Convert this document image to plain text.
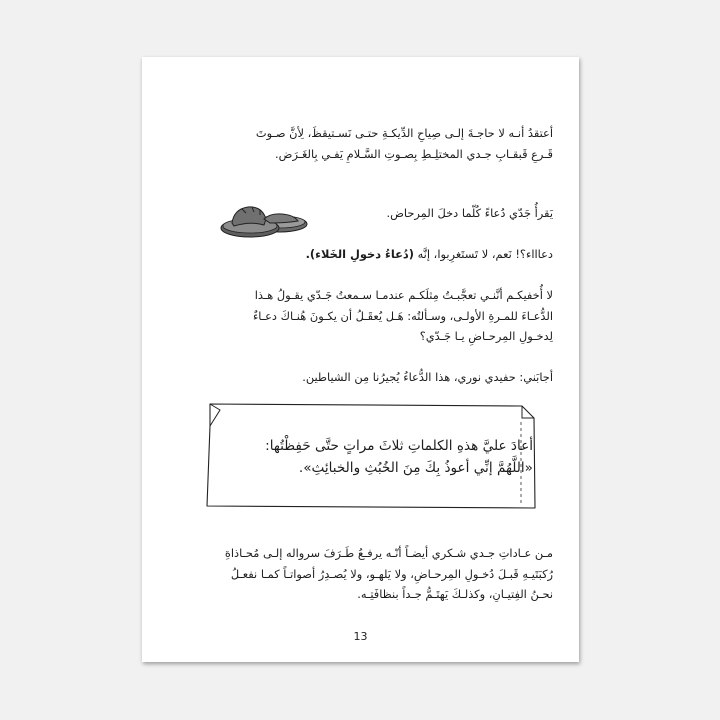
أعتقدُ أنـه لا حاجـةَ إلـى صِياحِ الدِّيكـةِ حتـى نَسـتيقظَ، لِأنَّ صـوتَ
قَـرعِ قَبقـابِ جـدي المختلِـطِ بِصـوتِ السَّـلامِ يَفـي بِالغَـرَض.
يَقرأُ جَدّي دُعاءً كُلّما دخلَ المِرحاض.
دعاااء؟! نَعم، لا تَستَغرِبوا، إنَّه (دُعاءُ دخولِ الخَلاء).
لا أُخفيكـم أنَّنـي تعجَّبـتُ مِثلَكـم عندمـا سـمعتُ جَـدّي يقـولُ هـذا
الدُّعـاءَ للمـرةِ الأولـى، وسـألتُه: هَـل يُعقَـلُ أن يكـونَ هُنـاكَ دعـاءٌ
لِدخـولِ المِرحـاضِ يـا جَـدّي؟
أجابَني: حفيدي نوري، هذا الدُّعاءُ يُجيرُنا مِن الشياطين.
أعادَ عليَّ هذهِ الكلماتِ ثلاثَ مراتٍ حتَّى حَفِظْتُها:
«اللَّهُمَّ إنِّي أعوذُ بِكَ مِنَ الخُبُثِ والخبائِثِ».
مـن عـاداتِ جـدي شـكري أيضـاً أنّـه يرفـعُ طَـرَفَ سرواله إلـى مُحـاذاةِ
رُكبَتَيـهِ قَبـلَ دُخـولِ المِرحـاضِ، ولا يَلهـو، ولا يُصـدِرُ أصواتـاً كمـا نفعـلُ
نحـنُ الفِتيـانِ، وكذلـكَ يَهتَـمُّ جـداً بنظافَتِـه.
13
